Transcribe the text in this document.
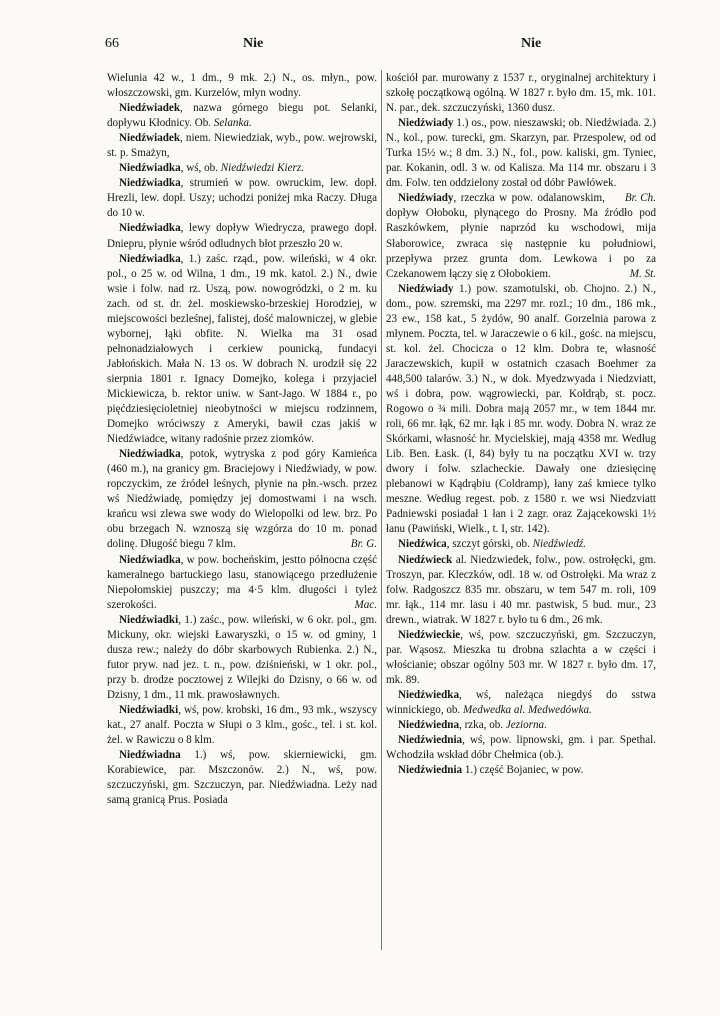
66	Nie	Nie

Wielunia 42 w., 1 dm., 9 mk. 2.) N., os. młyn., pow. włoszczowski, gm. Kurzelów, młyn wodny.

Niedźwiadek, nazwa górnego biegu pot. Selanki, dopływu Kłodnicy. Ob. Selanka.

Niedźwiadek, niem. Niewiedziak, wyb., pow. wejrowski, st. p. Smażyn,

Niedźwiadka, wś, ob. Niedźwiedzi Kierz.

Niedźwiadka, strumień w pow. owruckim, lew. dopł. Hrezli, lew. dopł. Uszy; uchodzi poniżej mka Raczy. Długa do 10 w.

Niedźwiadka, lewy dopływ Wiedrycza, prawego dopł. Dniepru, płynie wśród odludnych błot przeszło 20 w.

Niedźwiadka, 1.) zaśc. rząd., pow. wileński, w 4 okr. pol., o 25 w. od Wilna, 1 dm., 19 mk. katol. 2.) N., dwie wsie i folw. nad rz. Uszą, pow. nowogródzki, o 2 m. ku zach. od st. dr. żel. moskiewsko-brzeskiej Horodziej, w miejscowości bezleśnej, falistej, dość malowniczej, w glebie wybornej, łąki obfite. N. Wielka ma 31 osad pełnonadziałowych i cerkiew pounicką, fundacyi Jabłońskich. Mała N. 13 os. W dobrach N. urodził się 22 sierpnia 1801 r. Ignacy Domejko, kolega i przyjaciel Mickiewicza, b. rektor uniw. w Sant-Jago. W 1884 r., po pięćdziesięcioletniej nieobytności w miejscu rodzinnem, Domejko wróciwszy z Ameryki, bawił czas jakiś w Niedźwiadce, witany radośnie przez ziomków.

Niedźwiadka, potok, wytryska z pod góry Kamieńca (460 m.), na granicy gm. Braciejowy i Niedźwiady, w pow. ropczyckim, ze źródeł leśnych, płynie na płn.-wsch. przez wś Niedźwiadę, pomiędzy jej domostwami i na wsch. krańcu wsi zlewa swe wody do Wielopolki od lew. brz. Po obu brzegach N. wznoszą się wzgórza do 10 m. ponad dolinę. Długość biegu 7 klm.	Br. G.

Niedźwiadka, w pow. bocheńskim, jestto północna część kameralnego bartuckiego lasu, stanowiącego przedłużenie Niepołomskiej puszczy; ma 4·5 klm. długości i tyleż szerokości.	Mac.

Niedźwiadki, 1.) zaśc., pow. wileński, w 6 okr. pol., gm. Mickuny, okr. wiejski Ławaryszki, o 15 w. od gminy, 1 dusza rew.; należy do dóbr skarbowych Rubienka. 2.) N., futor pryw. nad jez. t. n., pow. dziśnieński, w 1 okr. pol., przy b. drodze pocztowej z Wilejki do Dzisny, o 66 w. od Dzisny, 1 dm., 11 mk. prawosławnych.

Niedźwiadki, wś, pow. krobski, 16 dm., 93 mk., wszyscy kat., 27 analf. Poczta w Słupi o 3 klm., gośc., tel. i st. kol. żel. w Rawiczu o 8 klm.

Niedźwiadna 1.) wś, pow. skierniewicki, gm. Korabiewice, par. Mszczonów. 2.) N., wś, pow. szczuczyński, gm. Szczuczyn, par. Niedźwiadna. Leży nad samą granicą Prus. Posiada

kościół par. murowany z 1537 r., oryginalnej architektury i szkołę początkową ogólną. W 1827 r. było dm. 15, mk. 101. N. par., dek. szczuczyński, 1360 dusz.

Niedźwiady 1.) os., pow. nieszawski; ob. Niedźwiada. 2.) N., kol., pow. turecki, gm. Skarzyn, par. Przespolew, od od Turka 15½ w.; 8 dm. 3.) N., fol., pow. kaliski, gm. Tyniec, par. Kokanin, odl. 3 w. od Kalisza. Ma 114 mr. obszaru i 3 dm. Folw. ten oddzielony został od dóbr Pawłówek.
Br. Ch.

Niedźwiady, rzeczka w pow. odalanowskim, dopływ Ołoboku, płynącego do Prosny. Ma źródło pod Raszkówkem, płynie naprzód ku wschodowi, mija Słaborowice, zwraca się następnie ku południowi, przepływa przez grunta dom. Lewkowa i po za Czekanowem łączy się z Ołobokiem.	M. St.

Niedźwiady 1.) pow. szamotulski, ob. Chojno. 2.) N., dom., pow. szremski, ma 2297 mr. rozl.; 10 dm., 186 mk., 23 ew., 158 kat., 5 żydów, 90 analf. Gorzelnia parowa z młynem. Poczta, tel. w Jaraczewie o 6 kil., gośc. na miejscu, st. kol. żel. Chocicza o 12 klm. Dobra te, własność Jaraczewskich, kupił w ostatnich czasach Boehmer za 448,500 talarów. 3.) N., w dok. Myedzwyada i Niedzviatt, wś i dobra, pow. wągrowiecki, par. Kołdrąb, st. pocz. Rogowo o ¾ mili. Dobra mają 2057 mr., w tem 1844 mr. roli, 66 mr. łąk, 62 mr. łąk i 85 mr. wody. Dobra N. wraz ze Skórkami, własność hr. Mycielskiej, mają 4358 mr. Według Lib. Ben. Łask. (I, 84) były tu na początku XVI w. trzy dwory i folw. szlacheckie. Dawały one dziesięcinę plebanowi w Kądrąbiu (Coldramp), łany zaś kmiece tylko meszne. Według regest. pob. z 1580 r. we wsi Niedzviatt Padniewski posiadał 1 łan i 2 zagr. oraz Zającekowski 1½ łanu (Pawiński, Wielk., t. I, str. 142).

Niedźwica, szczyt górski, ob. Niedźwiedź.

Niedźwieck al. Niedzwiedek, folw., pow. ostrołęcki, gm. Troszyn, par. Kleczków, odl. 18 w. od Ostrołęki. Ma wraz z folw. Radgoszcz 835 mr. obszaru, w tem 547 m. roli, 109 mr. łąk., 114 mr. lasu i 40 mr. pastwisk, 5 bud. mur., 23 drewn., wiatrak. W 1827 r. było tu 6 dm., 26 mk.

Niedźwieckie, wś, pow. szczuczyński, gm. Szczuczyn, par. Wąsosz. Mieszka tu drobna szlachta a w części i włościanie; obszar ogólny 503 mr. W 1827 r. było dm. 17, mk. 89.

Niedźwiedka, wś, należąca niegdyś do sstwa winnickiego, ob. Medwedka al. Medwedówka.

Niedźwiedna, rzka, ob. Jeziorna.

Niedźwiednia, wś, pow. lipnowski, gm. i par. Spethal. Wchodziła wskład dóbr Chełmica (ob.).

Niedźwiednia 1.) część Bojaniec, w pow.
